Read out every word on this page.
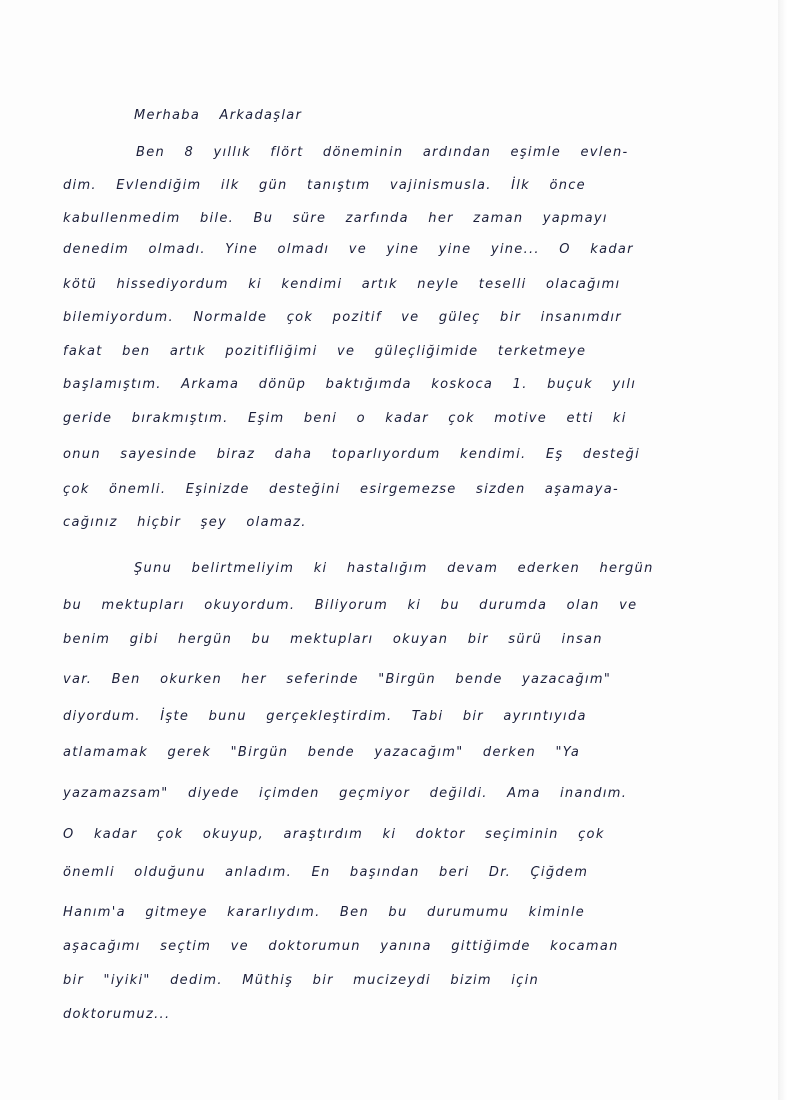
Merhaba Arkadaşlar

Ben 8 yıllık flört döneminin ardından eşimle evlen-

dim. Evlendiğim ilk gün tanıştım vajinismusla. İlk önce

kabullenmedim bile. Bu süre zarfında her zaman yapmayı

denedim olmadı. Yine olmadı ve yine yine yine... O kadar

kötü hissediyordum ki kendimi artık neyle teselli olacağımı

bilemiyordum. Normalde çok pozitif ve güleç bir insanımdır

fakat ben artık pozitifliğimi ve güleçliğimide terketmeye

başlamıştım. Arkama dönüp baktığımda koskoca 1. buçuk yılı

geride bırakmıştım. Eşim beni o kadar çok motive etti ki

onun sayesinde biraz daha toparlıyordum kendimi. Eş desteği

çok önemli. Eşinizde desteğini esirgemezse sizden aşamaya-

cağınız hiçbir şey olamaz.

Şunu belirtmeliyim ki hastalığım devam ederken hergün

bu mektupları okuyordum. Biliyorum ki bu durumda olan ve

benim gibi hergün bu mektupları okuyan bir sürü insan

var. Ben okurken her seferinde "Birgün bende yazacağım"

diyordum. İşte bunu gerçekleştirdim. Tabi bir ayrıntıyıda

atlamamak gerek "Birgün bende yazacağım" derken "Ya

yazamazsam" diyede içimden geçmiyor değildi. Ama inandım.

O kadar çok okuyup, araştırdım ki doktor seçiminin çok

önemli olduğunu anladım. En başından beri Dr. Çiğdem

Hanım'a gitmeye kararlıydım. Ben bu durumumu kiminle

aşacağımı seçtim ve doktorumun yanına gittiğimde kocaman

bir "iyiki" dedim. Müthiş bir mucizeydi bizim için

doktorumuz...
